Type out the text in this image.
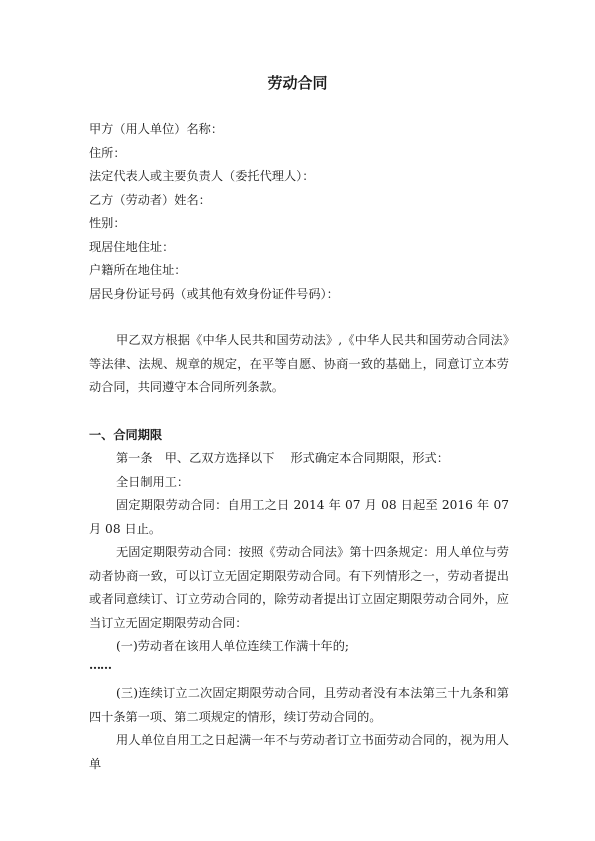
劳动合同
甲方（用人单位）名称：
住所：
法定代表人或主要负责人（委托代理人）：
乙方（劳动者）姓名：
性别：
现居住地住址：
户籍所在地住址：
居民身份证号码（或其他有效身份证件号码）：

甲乙双方根据《中华人民共和国劳动法》,《中华人民共和国劳动合同法》等法律、法规、规章的规定，在平等自愿、协商一致的基础上，同意订立本劳动合同，共同遵守本合同所列条款。

一、合同期限

第一条　甲、乙双方选择以下　 形式确定本合同期限，形式：

全日制用工：

固定期限劳动合同：自用工之日 2014 年 07 月 08 日起至 2016 年 07 月 08 日止。

无固定期限劳动合同：按照《劳动合同法》第十四条规定：用人单位与劳动者协商一致，可以订立无固定期限劳动合同。有下列情形之一，劳动者提出或者同意续订、订立劳动合同的，除劳动者提出订立固定期限劳动合同外，应当订立无固定期限劳动合同：

(一)劳动者在该用人单位连续工作满十年的;

……

(三)连续订立二次固定期限劳动合同，且劳动者没有本法第三十九条和第四十条第一项、第二项规定的情形，续订劳动合同的。

用人单位自用工之日起满一年不与劳动者订立书面劳动合同的，视为用人单
